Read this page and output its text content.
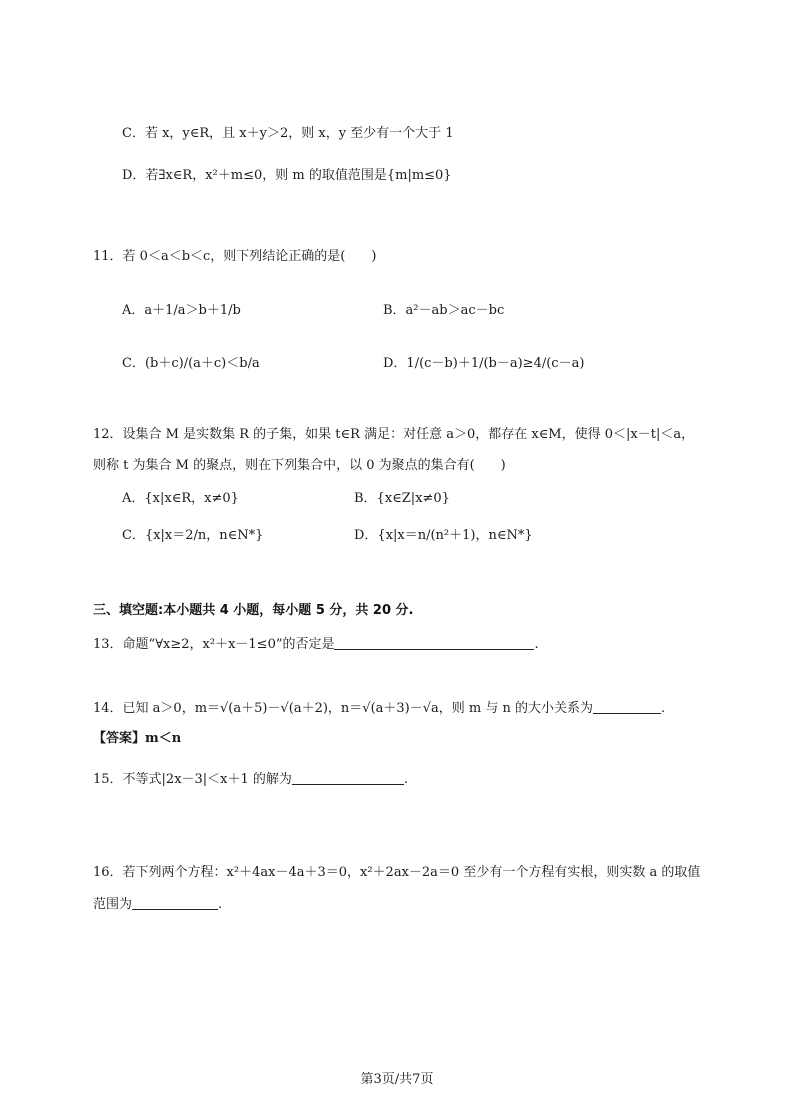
C．若 x，y∈R，且 x＋y＞2，则 x，y 至少有一个大于 1
D．若∃x∈R，x²＋m≤0，则 m 的取值范围是{m|m≤0}
11．若 0＜a＜b＜c，则下列结论正确的是(　　)
A．a＋1/a＞b＋1/b	B．a²－ab＞ac－bc
C．(b＋c)/(a＋c)＜b/a	D．1/(c－b)＋1/(b－a)≥4/(c－a)
12．设集合 M 是实数集 R 的子集，如果 t∈R 满足：对任意 a＞0，都存在 x∈M，使得 0＜|x－t|＜a，
则称 t 为集合 M 的聚点，则在下列集合中，以 0 为聚点的集合有(　　)
A．{x|x∈R，x≠0}	B．{x∈Z|x≠0}
C．{x|x＝2/n，n∈N*}	D．{x|x＝n/(n²＋1)，n∈N*}
三、填空题:本小题共 4 小题，每小题 5 分，共 20 分.
13．命题“∀x≥2，x²＋x－1≤0”的否定是	.
14．已知 a＞0，m＝√(a＋5)－√(a＋2)，n＝√(a＋3)－√a，则 m 与 n 的大小关系为	.
【答案】m＜n
15．不等式|2x－3|＜x＋1 的解为	.
16．若下列两个方程：x²＋4ax－4a＋3＝0，x²＋2ax－2a＝0 至少有一个方程有实根，则实数 a 的取值
范围为	.
第3页/共7页
